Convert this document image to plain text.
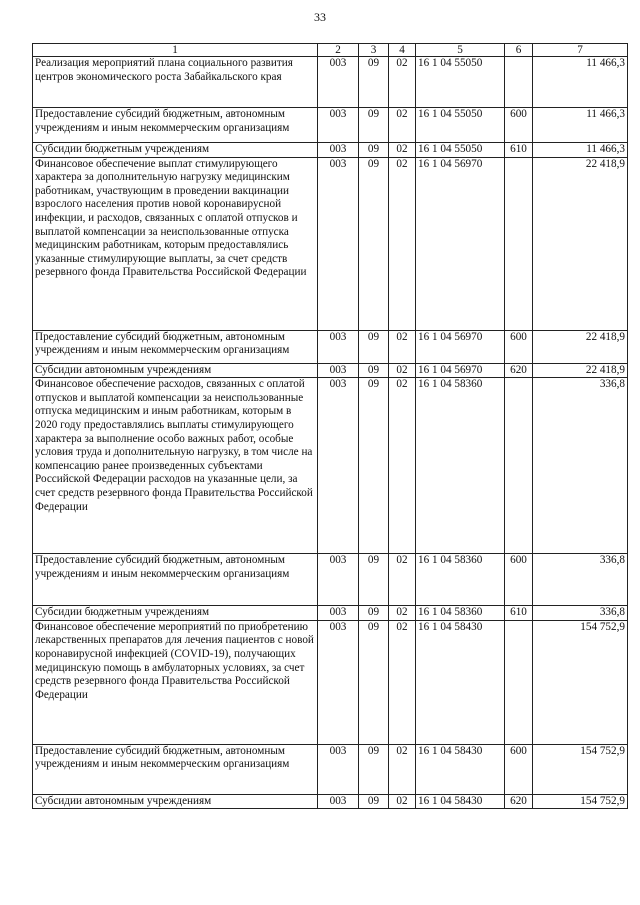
33
1	2	3	4	5	6	7
Реализация мероприятий плана социального развития центров экономического роста Забайкальского края	003	09	02	16 1 04 55050		11 466,3
Предоставление субсидий бюджетным, автономным учреждениям и иным некоммерческим организациям	003	09	02	16 1 04 55050	600	11 466,3
Субсидии бюджетным учреждениям	003	09	02	16 1 04 55050	610	11 466,3
Финансовое обеспечение выплат стимулирующего характера за дополнительную нагрузку медицинским работникам, участвующим в проведении вакцинации взрослого населения против новой коронавирусной инфекции, и расходов, связанных с оплатой отпусков и выплатой компенсации за неиспользованные отпуска медицинским работникам, которым предоставлялись указанные стимулирующие выплаты, за счет средств резервного фонда Правительства Российской Федерации	003	09	02	16 1 04 56970		22 418,9
Предоставление субсидий бюджетным, автономным учреждениям и иным некоммерческим организациям	003	09	02	16 1 04 56970	600	22 418,9
Субсидии автономным учреждениям	003	09	02	16 1 04 56970	620	22 418,9
Финансовое обеспечение расходов, связанных с оплатой отпусков и выплатой компенсации за неиспользованные отпуска медицинским и иным работникам, которым в 2020 году предоставлялись выплаты стимулирующего характера за выполнение особо важных работ, особые условия труда и дополнительную нагрузку, в том числе на компенсацию ранее произведенных субъектами Российской Федерации расходов на указанные цели, за счет средств резервного фонда Правительства Российской Федерации	003	09	02	16 1 04 58360		336,8
Предоставление субсидий бюджетным, автономным учреждениям и иным некоммерческим организациям	003	09	02	16 1 04 58360	600	336,8
Субсидии бюджетным учреждениям	003	09	02	16 1 04 58360	610	336,8
Финансовое обеспечение мероприятий по приобретению лекарственных препаратов для лечения пациентов с новой коронавирусной инфекцией (COVID-19), получающих медицинскую помощь в амбулаторных условиях, за счет средств резервного фонда Правительства Российской Федерации	003	09	02	16 1 04 58430		154 752,9
Предоставление субсидий бюджетным, автономным учреждениям и иным некоммерческим организациям	003	09	02	16 1 04 58430	600	154 752,9
Субсидии автономным учреждениям	003	09	02	16 1 04 58430	620	154 752,9
